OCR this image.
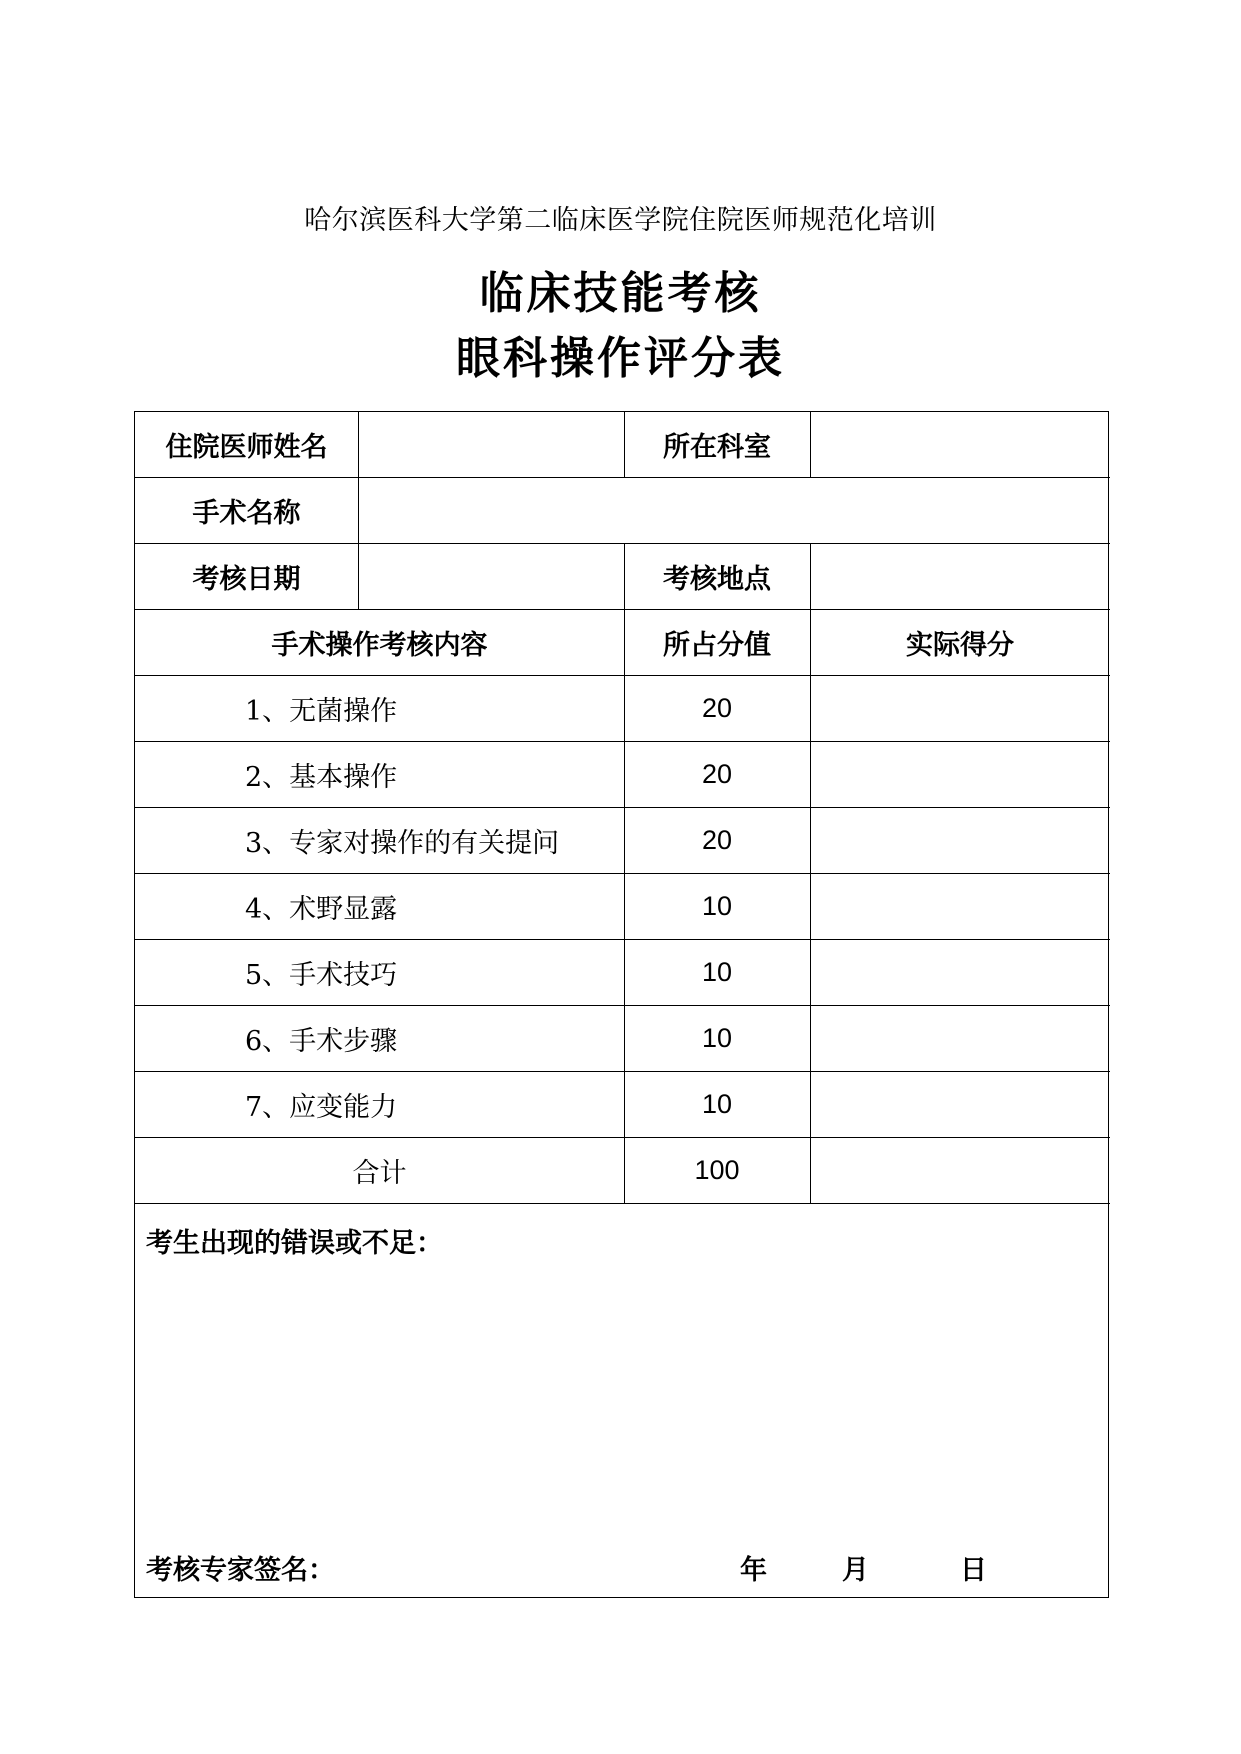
哈尔滨医科大学第二临床医学院住院医师规范化培训
临床技能考核
眼科操作评分表
住院医师姓名	所在科室
手术名称
考核日期	考核地点
手术操作考核内容	所占分值	实际得分
1、无菌操作	20
2、基本操作	20
3、专家对操作的有关提问	20
4、术野显露	10
5、手术技巧	10
6、手术步骤	10
7、应变能力	10
合计	100
考生出现的错误或不足：
考核专家签名：	年	月	日
